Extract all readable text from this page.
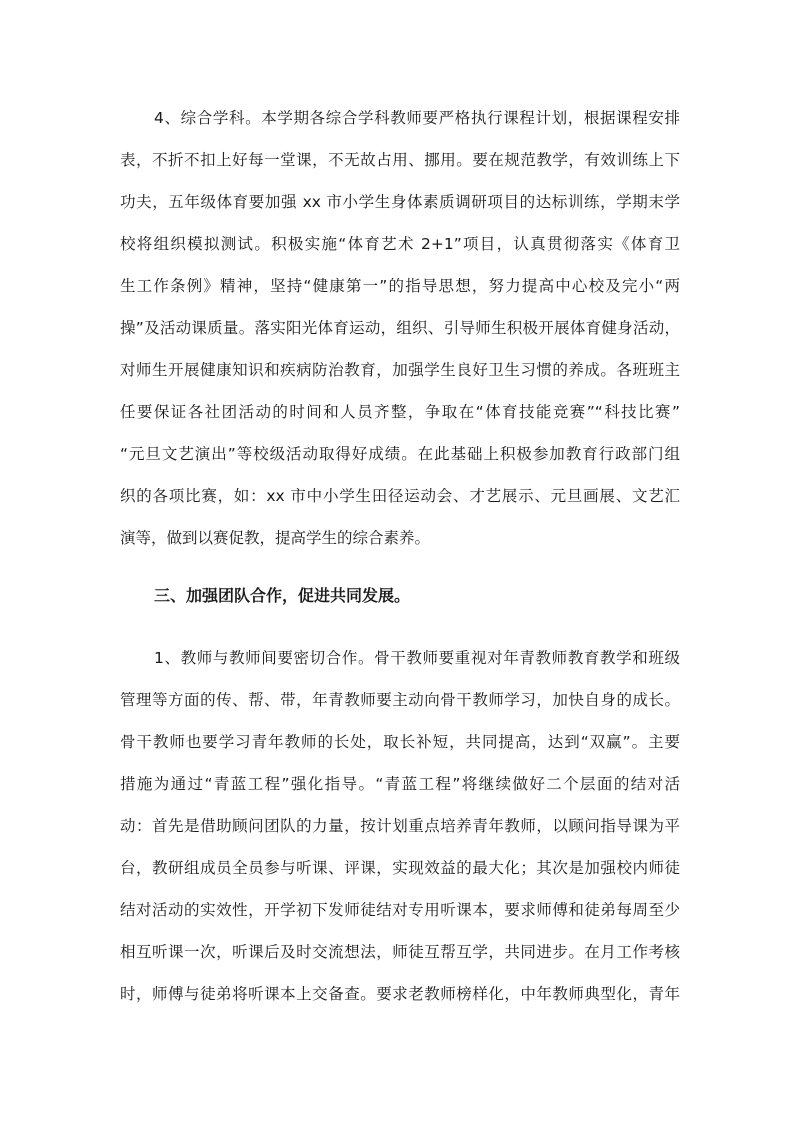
4、综合学科。本学期各综合学科教师要严格执行课程计划，根据课程安排
表，不折不扣上好每一堂课，不无故占用、挪用。要在规范教学，有效训练上下
功夫，五年级体育要加强 xx 市小学生身体素质调研项目的达标训练，学期末学
校将组织模拟测试。积极实施“体育艺术 2+1”项目，认真贯彻落实《体育卫
生工作条例》精神，坚持“健康第一”的指导思想，努力提高中心校及完小“两
操”及活动课质量。落实阳光体育运动，组织、引导师生积极开展体育健身活动，
对师生开展健康知识和疾病防治教育，加强学生良好卫生习惯的养成。各班班主
任要保证各社团活动的时间和人员齐整，争取在“体育技能竞赛”“科技比赛”
“元旦文艺演出”等校级活动取得好成绩。在此基础上积极参加教育行政部门组
织的各项比赛，如：xx 市中小学生田径运动会、才艺展示、元旦画展、文艺汇
演等，做到以赛促教，提高学生的综合素养。
三、加强团队合作，促进共同发展。
1、教师与教师间要密切合作。骨干教师要重视对年青教师教育教学和班级
管理等方面的传、帮、带，年青教师要主动向骨干教师学习，加快自身的成长。
骨干教师也要学习青年教师的长处，取长补短，共同提高，达到“双赢”。主要
措施为通过“青蓝工程”强化指导。“青蓝工程”将继续做好二个层面的结对活
动：首先是借助顾问团队的力量，按计划重点培养青年教师，以顾问指导课为平
台，教研组成员全员参与听课、评课，实现效益的最大化；其次是加强校内师徒
结对活动的实效性，开学初下发师徒结对专用听课本，要求师傅和徒弟每周至少
相互听课一次，听课后及时交流想法，师徒互帮互学，共同进步。在月工作考核
时，师傅与徒弟将听课本上交备查。要求老教师榜样化，中年教师典型化，青年
